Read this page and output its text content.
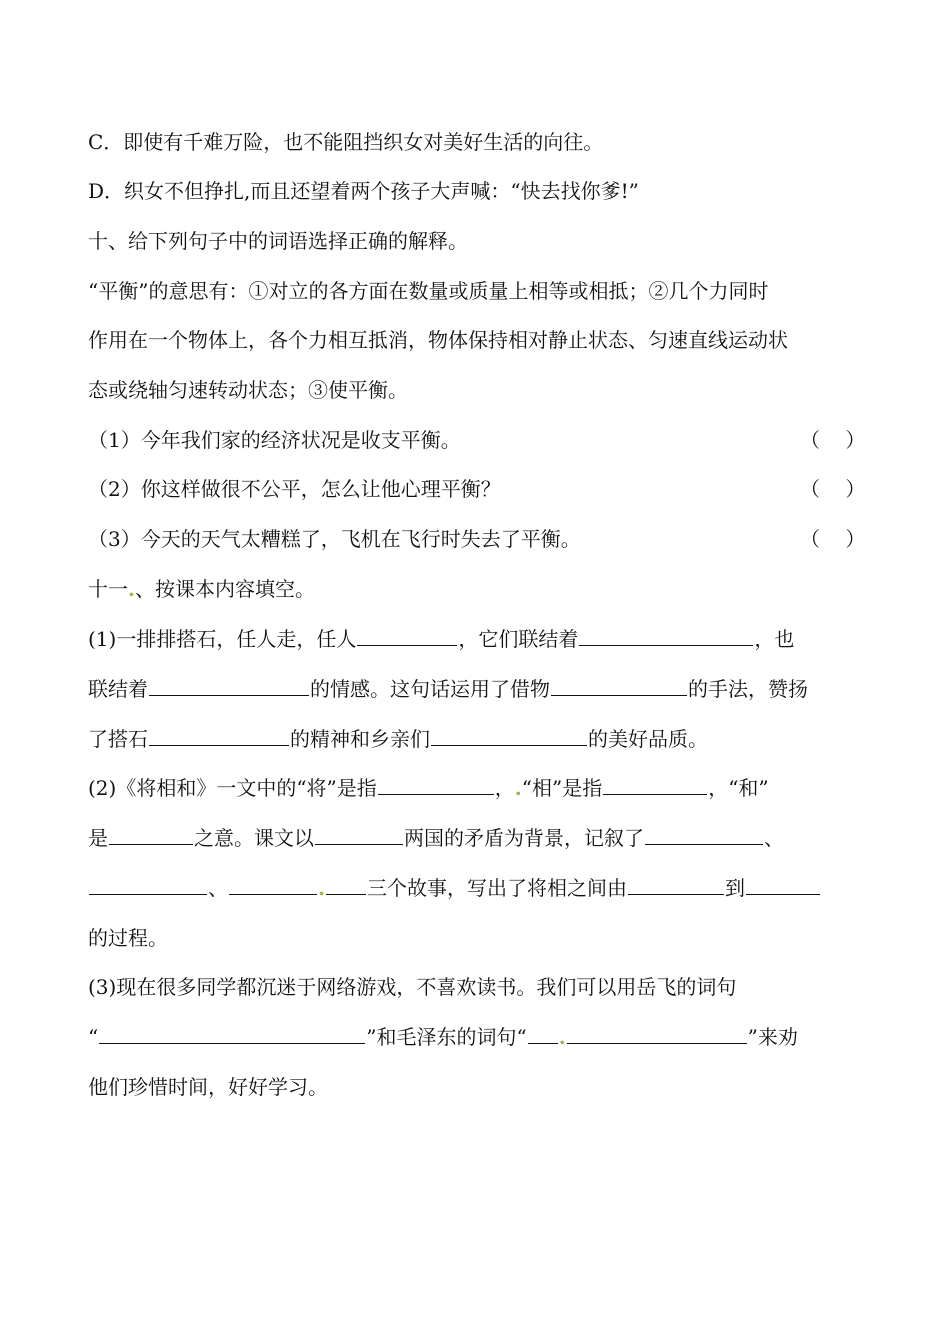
C．即使有千难万险，也不能阻挡织女对美好生活的向往。
D．织女不但挣扎,而且还望着两个孩子大声喊：“快去找你爹!”
十、给下列句子中的词语选择正确的解释。
“平衡”的意思有：①对立的各方面在数量或质量上相等或相抵；②几个力同时
作用在一个物体上，各个力相互抵消，物体保持相对静止状态、匀速直线运动状
态或绕轴匀速转动状态；③使平衡。
（1）今年我们家的经济状况是收支平衡。	（    ）
（2）你这样做很不公平，怎么让他心理平衡？	（    ）
（3）今天的天气太糟糕了，飞机在飞行时失去了平衡。	（    ）
十一.、按课本内容填空。
(1)一排排搭石，任人走，任人	，它们联结着	，也
联结着	的情感。这句话运用了借物	的手法，赞扬
了搭石	的精神和乡亲们	的美好品质。
(2)《将相和》一文中的“将”是指	，.“相”是指	，“和”
是	之意。课文以	两国的矛盾为背景，记叙了	、
、	. 三个故事，写出了将相之间由	到
的过程。
(3)现在很多同学都沉迷于网络游戏，不喜欢读书。我们可以用岳飞的词句
“	”和毛泽东的词句“ .	”来劝
他们珍惜时间，好好学习。
